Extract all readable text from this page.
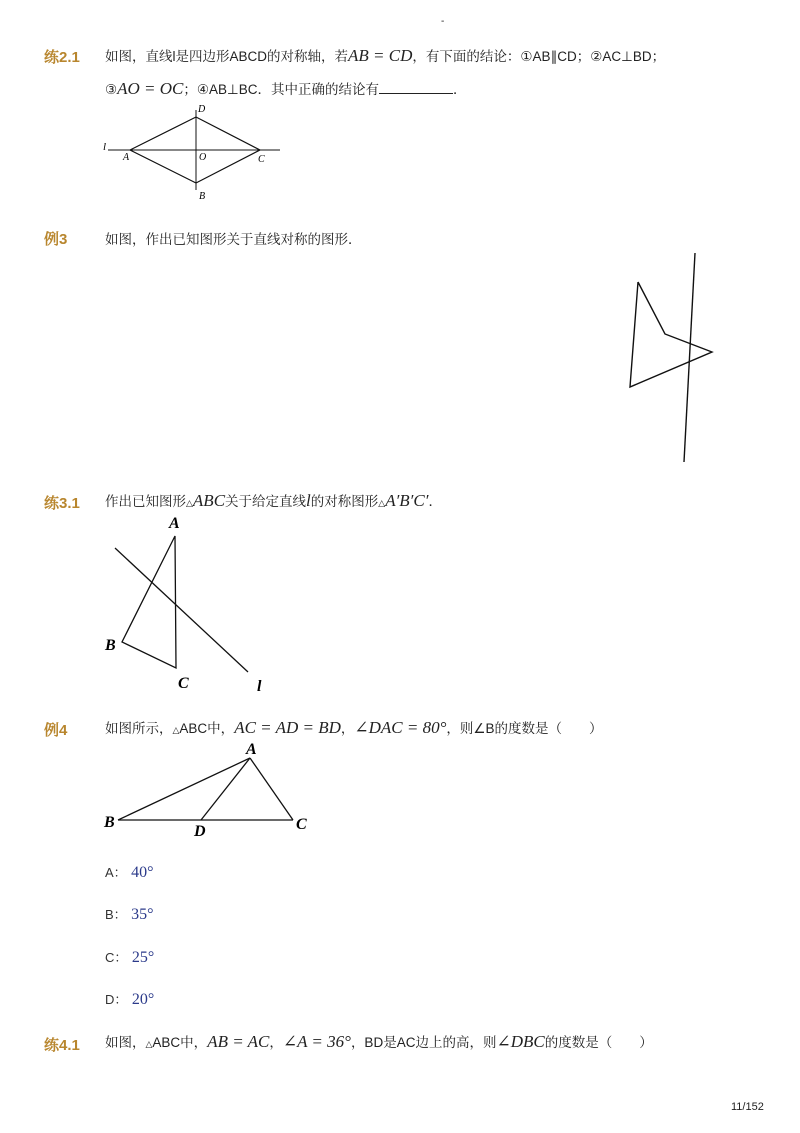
-
练2.1 如图，直线l是四边形ABCD的对称轴，若AB = CD，有下面的结论：①AB∥CD；②AC⊥BD；
③AO = OC；④AB⊥BC．其中正确的结论有	．
l
D
A	O	C
B
例3	如图，作出已知图形关于直线对称的图形．
练3.1 作出已知图形△ABC关于给定直线l的对称图形△A′B′C′．
A
B
C	l
例4	如图所示，△ABC中，AC = AD = BD，∠DAC = 80°，则∠B的度数是（　　）
A
B	C
D
A： 40°
B： 35°
C： 25°
D： 20°
练4.1 如图，△ABC中，AB = AC，∠A = 36°，BD是AC边上的高，则∠DBC的度数是（　　）
11/152
